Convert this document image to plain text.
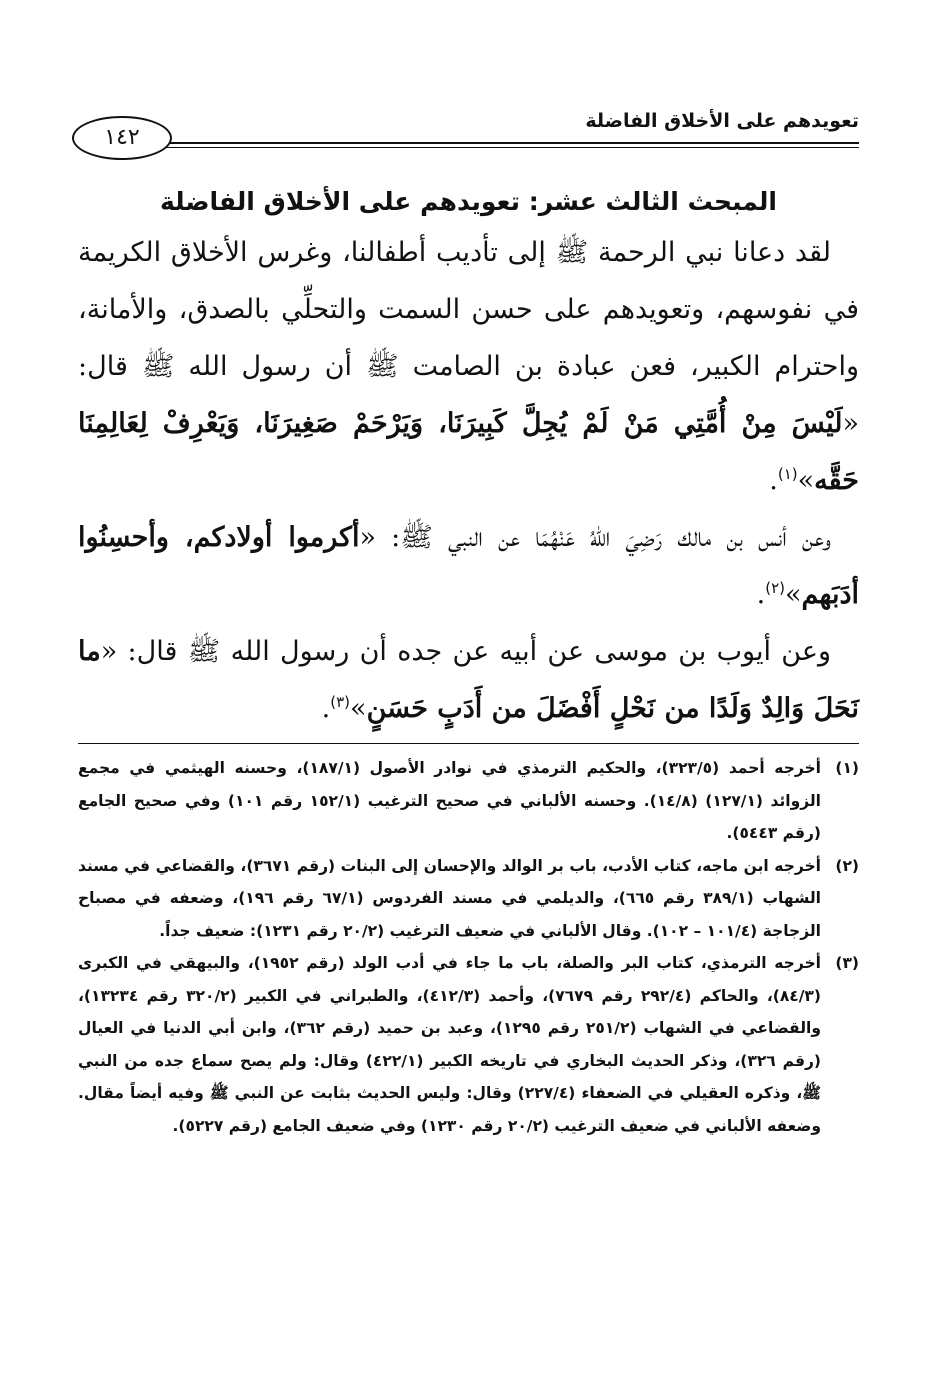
تعويدهم على الأخلاق الفاضلة
١٤٢
المبحث الثالث عشر: تعويدهم على الأخلاق الفاضلة

لقد دعانا نبي الرحمة ﷺ إلى تأديب أطفالنا، وغرس الأخلاق الكريمة في نفوسهم، وتعويدهم على حسن السمت والتحلِّي بالصدق، والأمانة، واحترام الكبير، فعن عبادة بن الصامت ﷺ أن رسول الله ﷺ قال: «لَيْسَ مِنْ أُمَّتِي مَنْ لَمْ يُجِلَّ كَبِيرَنَا، وَيَرْحَمْ صَغِيرَنَا، وَيَعْرِفْ لِعَالِمِنَا حَقَّه»$^{(١)}$.

وعن أنس بن مالك رَضِيَ اللهُ عَنْهُمَا عن النبي ﷺ: «أكرموا أولادكم، وأحسِنُوا أدَبَهم»$^{(٢)}$.

وعن أيوب بن موسى عن أبيه عن جده أن رسول الله ﷺ قال: «ما نَحَلَ وَالِدٌ وَلَدًا من نَحْلٍ أَفْضَلَ من أَدَبٍ حَسَنٍ»$^{(٣)}$.

(١)
أخرجه أحمد (٣٢٣/٥)، والحكيم الترمذي في نوادر الأصول (١٨٧/١)، وحسنه الهيثمي في مجمع الزوائد (١٢٧/١) (١٤/٨). وحسنه الألباني في صحيح الترغيب (١٥٢/١ رقم ١٠١) وفي صحيح الجامع (رقم ٥٤٤٣).
(٢)
أخرجه ابن ماجه، كتاب الأدب، باب بر الوالد والإحسان إلى البنات (رقم ٣٦٧١)، والقضاعي في مسند الشهاب (٣٨٩/١ رقم ٦٦٥)، والديلمي في مسند الفردوس (٦٧/١ رقم ١٩٦)، وضعفه في مصباح الزجاجة (١٠١/٤ – ١٠٢). وقال الألباني في ضعيف الترغيب (٢٠/٢ رقم ١٢٣١): ضعيف جداً.
(٣)
أخرجه الترمذي، كتاب البر والصلة، باب ما جاء في أدب الولد (رقم ١٩٥٢)، والبيهقي في الكبرى (٨٤/٣)، والحاكم (٢٩٢/٤ رقم ٧٦٧٩)، وأحمد (٤١٢/٣)، والطبراني في الكبير (٣٢٠/٢ رقم ١٣٢٣٤)، والقضاعي في الشهاب (٢٥١/٢ رقم ١٢٩٥)، وعبد بن حميد (رقم ٣٦٢)، وابن أبي الدنيا في العيال (رقم ٣٢٦)، وذكر الحديث البخاري في تاريخه الكبير (٤٢٢/١) وقال: ولم يصح سماع جده من النبي ﷺ، وذكره العقيلي في الضعفاء (٢٢٧/٤) وقال: وليس الحديث بثابت عن النبي ﷺ وفيه أيضاً مقال. وضعفه الألباني في ضعيف الترغيب (٢٠/٢ رقم ١٢٣٠) وفي ضعيف الجامع (رقم ٥٢٢٧).
